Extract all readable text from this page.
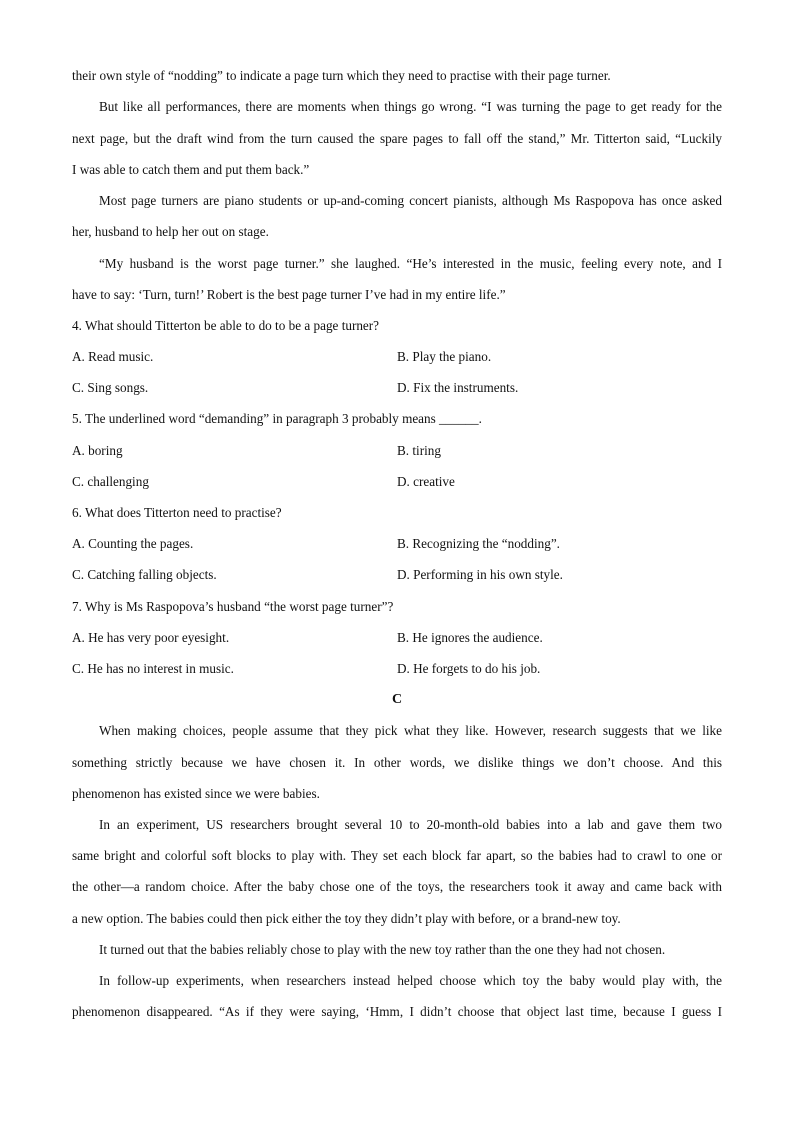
their own style of “nodding” to indicate a page turn which they need to practise with their page turner.
But like all performances, there are moments when things go wrong. “I was turning the page to get ready for the
next page, but the draft wind from the turn caused the spare pages to fall off the stand,” Mr. Titterton said, “Luckily
I was able to catch them and put them back.”
Most page turners are piano students or up-and-coming concert pianists, although Ms Raspopova has once asked
her, husband to help her out on stage.
“My husband is the worst page turner.” she laughed. “He’s interested in the music, feeling every note, and I
have to say: ‘Turn, turn!’ Robert is the best page turner I’ve had in my entire life.”
4. What should Titterton be able to do to be a page turner?
A. Read music.	B. Play the piano.
C. Sing songs.	D. Fix the instruments.
5. The underlined word “demanding” in paragraph 3 probably means ______.
A. boring	B. tiring
C. challenging	D. creative
6. What does Titterton need to practise?
A. Counting the pages.	B. Recognizing the “nodding”.
C. Catching falling objects.	D. Performing in his own style.
7. Why is Ms Raspopova’s husband “the worst page turner”?
A. He has very poor eyesight.	B. He ignores the audience.
C. He has no interest in music.	D. He forgets to do his job.
C
When making choices, people assume that they pick what they like. However, research suggests that we like
something strictly because we have chosen it. In other words, we dislike things we don’t choose. And this
phenomenon has existed since we were babies.
In an experiment, US researchers brought several 10 to 20-month-old babies into a lab and gave them two
same bright and colorful soft blocks to play with. They set each block far apart, so the babies had to crawl to one or
the other—a random choice. After the baby chose one of the toys, the researchers took it away and came back with
a new option. The babies could then pick either the toy they didn’t play with before, or a brand-new toy.
It turned out that the babies reliably chose to play with the new toy rather than the one they had not chosen.
In follow-up experiments, when researchers instead helped choose which toy the baby would play with, the
phenomenon disappeared. “As if they were saying, ‘Hmm, I didn’t choose that object last time, because I guess I
